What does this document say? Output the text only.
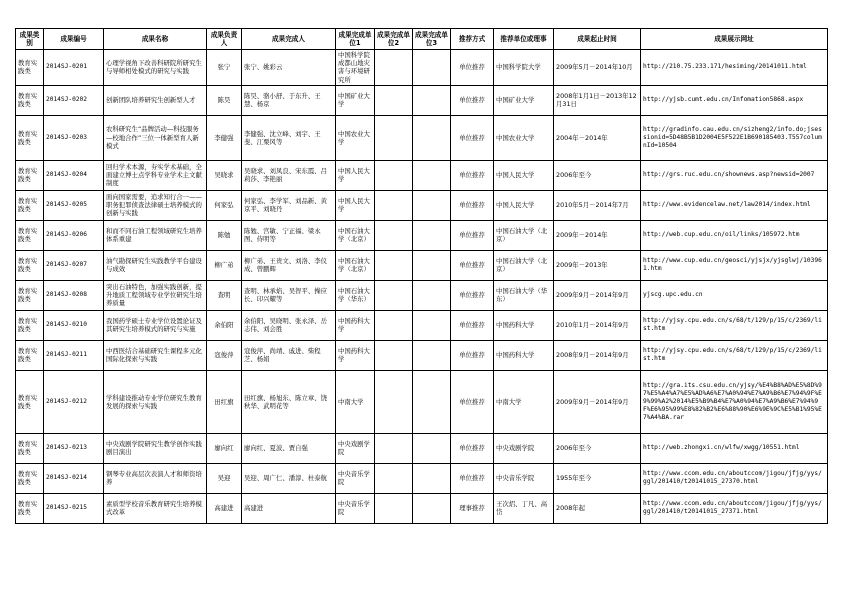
成果类别	成果编号	成果名称	成果负责人	成果完成人	成果完成单位1	成果完成单位2	成果完成单位3	推荐方式	推荐单位或理事	成果起止时间	成果展示网址
教育实践类	2014SJ-0201	心理学视角下改善科研院所研究生与导师相处模式的研究与实践	张宁	张宁、姚彩云	中国科学院成都山地灾害与环境研究所			单位推荐	中国科学院大学	2009年5月－2014年10月	http://210.75.233.171/hesiming/20141011.html
教育实践类	2014SJ-0202	创新团队培养研究生创新型人才	陈昊	陈昊、骆小舒、于东升、王慧、杨京	中国矿业大学			单位推荐	中国矿业大学	2008年1月1日－2013年12月31日	http://yjsb.cumt.edu.cn/Infomation5868.aspx
教育实践类	2014SJ-0203	农科研究生“品牌活动—科技服务—校地合作”三位一体新型育人新模式	李健强	李健强、沈立峰、刘宇、王斐、江栗风等	中国农业大学			单位推荐	中国农业大学	2004年－2014年	http://gradinfo.cau.edu.cn/sizheng2/info.do;jsessionid=5D48B5B1D2004E5F522E1B690185403.T557columnId=10504
教育实践类	2014SJ-0204	回归学术本源，夯实学术基础，全面建立博士点学科专业学术主文献制度	吴晓求	吴晓求、刘凤良、宋东霞、吕莉莎、李艳丽	中国人民大学			单位推荐	中国人民大学	2006年至今	http://grs.ruc.edu.cn/shownews.asp?newsid=2007
教育实践类	2014SJ-0205	面向国家需要，追求知行合一——职务犯罪侦查法律硕士培养模式的创新与实践	何家弘	何家弘、李学军、刘品新、黄京平、刘晓丹	中国人民大学			单位推荐	中国人民大学	2010年5月－2014年7月	http://www.evidencelaw.net/law2014/index.html
教育实践类	2014SJ-0206	和而不同石油工程领域研究生培养体系重建	陈勉	陈勉、宫敏、宁正福、梁永图、侍明等	中国石油大学（北京）			单位推荐	中国石油大学（北京）	2009年－2014年	http://web.cup.edu.cn/oil/links/105972.htm
教育实践类	2014SJ-0207	油气勘探研究生实践教学平台建设与成效	柳广弟	柳广弟、王贵文、刘洛、李仪成、曾鹏辉	中国石油大学（北京）			单位推荐	中国石油大学（北京）	2009年－2013年	http://www.cup.edu.cn/geosci/yjsjx/yjsglwj/103961.htm
教育实践类	2014SJ-0208	突出石油特色，加强实践创新，提升地质工程领域专业学位研究生培养质量	查明	查明、林承焰、吴智平、操应长、印兴耀等	中国石油大学（华东）			单位推荐	中国石油大学（华东）	2009年9月－2014年9月	yjscg.upc.edu.cn
教育实践类	2014SJ-0210	我国药学硕士专业学位设置论证及其研究生培养模式的研究与实施	余伯阳	余伯阳、吴晓明、张永泽、岳志伟、刘会胜	中国药科大学			单位推荐	中国药科大学	2010年1月－2014年9月	http://yjsy.cpu.edu.cn/s/68/t/129/p/15/c/2369/list.htm
教育实践类	2014SJ-0211	中西医结合基础研究生课程多元化国际化探索与实践	寇俊萍	寇俊萍、尚靖、戚进、柴程芝、杨娟	中国药科大学			单位推荐	中国药科大学	2008年9月－2014年9月	http://yjsy.cpu.edu.cn/s/68/t/129/p/15/c/2369/list.htm
教育实践类	2014SJ-0212	学科建设推动专业学位研究生教育发展的探索与实践	田红旗	田红旗、杨旭东、陈立章、饶秋华、武明花等	中南大学			单位推荐	中南大学	2009年9月－2014年9月	http://gra.its.csu.edu.cn/yjsy/%E4%B8%AD%E5%8D%97%E5%A4%A7%E5%AD%A6%E7%A0%94%E7%A9%B6%E7%94%9F%E9%99%A2%2014%E5%B9%B4%E7%A0%94%E7%A9%B6%E7%94%9F%E6%95%99%E8%82%B2%E6%88%90%E6%9E%9C%E5%B1%95%E7%A4%BA.rar
教育实践类	2014SJ-0213	中央戏剧学院研究生教学创作实践剧目演出	廖向红	廖向红、夏波、贾自强	中央戏剧学院			单位推荐	中央戏剧学院	2006年至今	http://web.zhongxi.cn/wlfw/xwgg/10551.html
教育实践类	2014SJ-0214	钢琴专业高层次表演人才和师资培养	吴迎	吴迎、周广仁、潘淳、杜泰航	中央音乐学院			单位推荐	中央音乐学院	1955年至今	http://www.ccom.edu.cn/aboutccom/jigou/jfjg/yys/ggl/201410/t20141015_27370.html
教育实践类	2014SJ-0215	素质型学校音乐教育研究生培养模式改革	高建进	高建进	中央音乐学院			理事推荐	王次炤、丁凡、高岱	2008年起	http://www.ccom.edu.cn/aboutccom/jigou/jfjg/yys/ggl/201410/t20141015_27371.html
